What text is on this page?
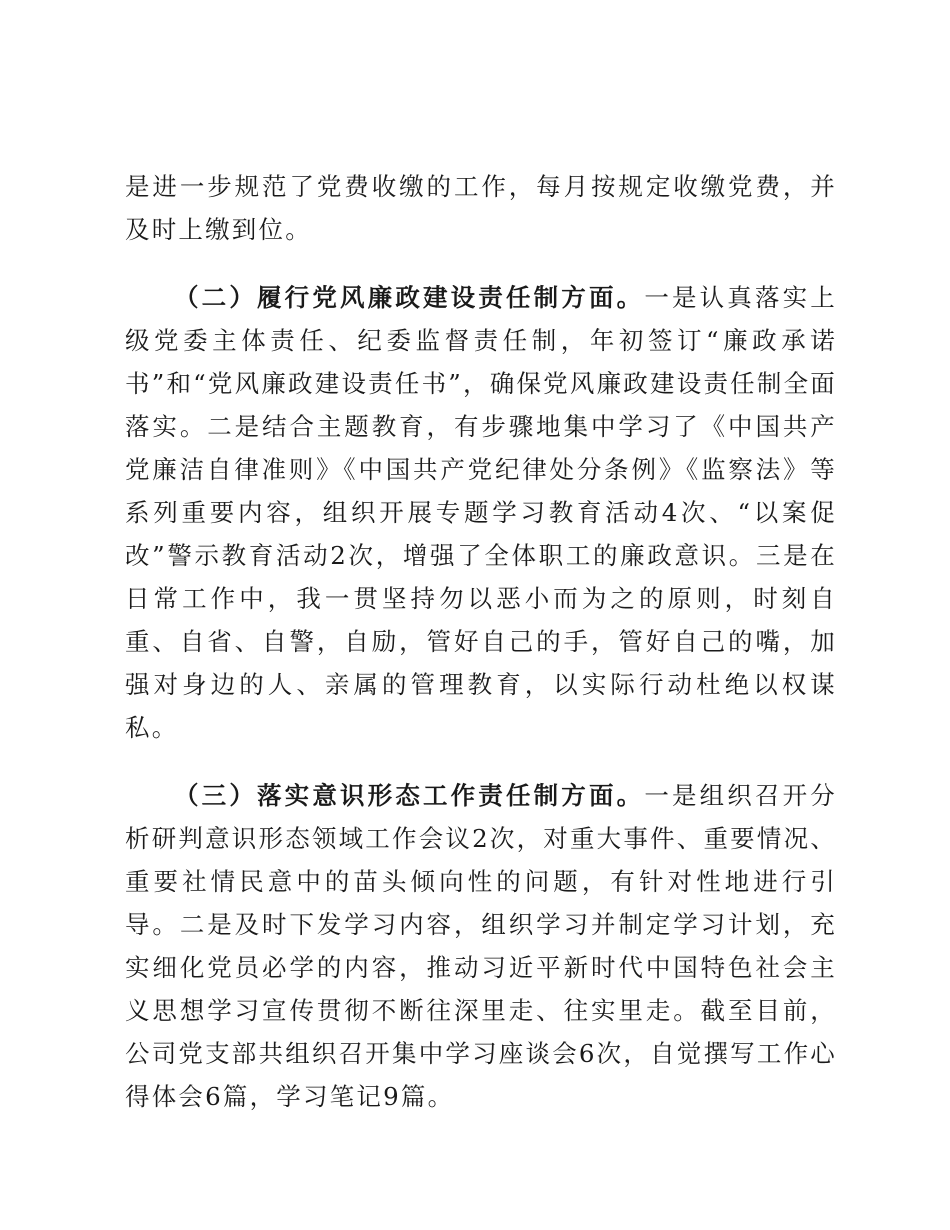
是进一步规范了党费收缴的工作，每月按规定收缴党费，并及时上缴到位。

（二）履行党风廉政建设责任制方面。一是认真落实上级党委主体责任、纪委监督责任制，年初签订“廉政承诺书”和“党风廉政建设责任书”，确保党风廉政建设责任制全面落实。二是结合主题教育，有步骤地集中学习了《中国共产党廉洁自律准则》《中国共产党纪律处分条例》《监察法》等系列重要内容，组织开展专题学习教育活动4次、“以案促改”警示教育活动2次，增强了全体职工的廉政意识。三是在日常工作中，我一贯坚持勿以恶小而为之的原则，时刻自重、自省、自警，自励，管好自己的手，管好自己的嘴，加强对身边的人、亲属的管理教育，以实际行动杜绝以权谋私。

（三）落实意识形态工作责任制方面。一是组织召开分析研判意识形态领域工作会议2次，对重大事件、重要情况、重要社情民意中的苗头倾向性的问题，有针对性地进行引导。二是及时下发学习内容，组织学习并制定学习计划，充实细化党员必学的内容，推动习近平新时代中国特色社会主义思想学习宣传贯彻不断往深里走、往实里走。截至目前，公司党支部共组织召开集中学习座谈会6次，自觉撰写工作心得体会6篇，学习笔记9篇。
